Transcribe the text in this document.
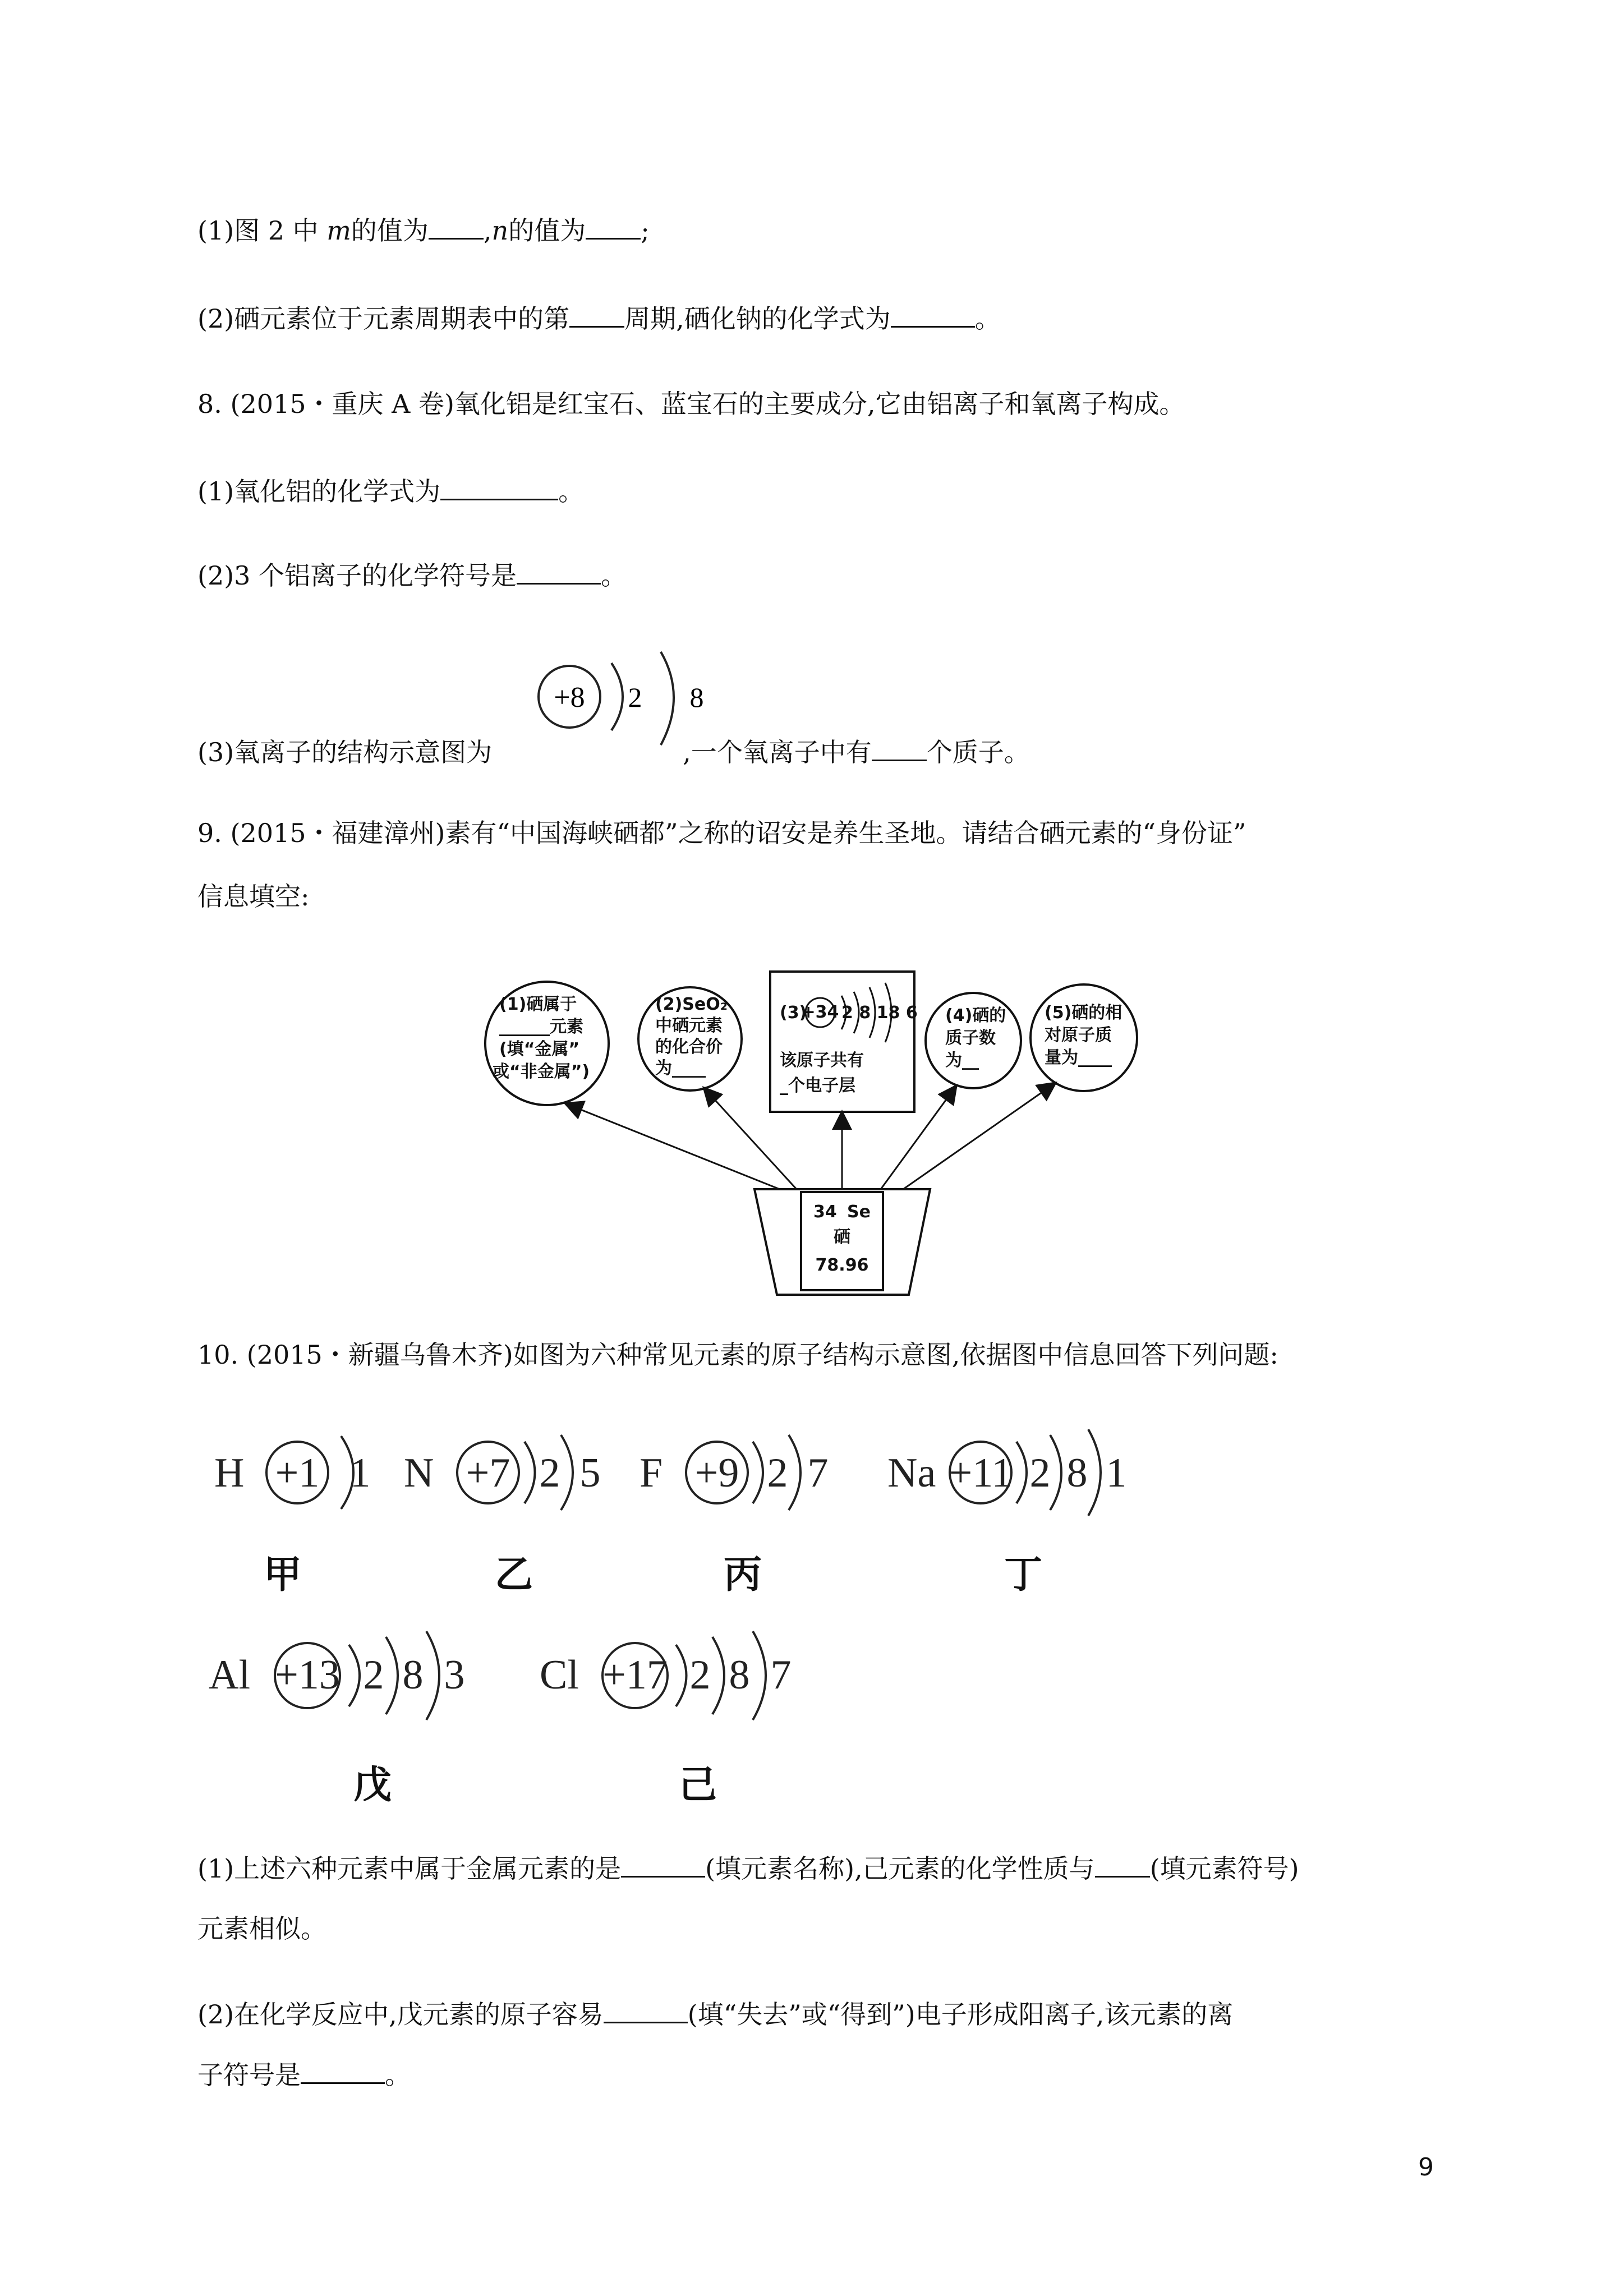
(1)图 2 中 m的值为 ,n的值为 ;
(2)硒元素位于元素周期表中的第 周期,硒化钠的化学式为	。
8. (2015・重庆 A 卷)氧化铝是红宝石、蓝宝石的主要成分,它由铝离子和氧离子构成。
(1)氧化铝的化学式为	。
(2)3 个铝离子的化学符号是	。
(3)氧离子的结构示意图为	,一个氧离子中有 个质子。
+8 2 8
9. (2015・福建漳州)素有“中国海峡硒都”之称的诏安是养生圣地。请结合硒元素的“身份证”
信息填空:
(1)硒属于
______元素
(填“金属”
或“非金属”)
(2)SeO₂
中硒元素
的化合价
为____
(3)
+34 2 8 18 6
该原子共有
_个电子层
(4)硒的
质子数
为__
(5)硒的相
对原子质
量为____
34 Se
硒
78.96
10. (2015・新疆乌鲁木齐)如图为六种常见元素的原子结构示意图,依据图中信息回答下列问题:
H +1 1 N +7 2 5 F +9 2 7 Na +11 2 8 1
甲	乙	丙	丁
戊	己
Al +13 2 8 3 Cl +17 2 8 7
(1)上述六种元素中属于金属元素的是	(填元素名称),己元素的化学性质与 (填元素符号)
元素相似。
(2)在化学反应中,戊元素的原子容易	(填“失去”或“得到”)电子形成阳离子,该元素的离
子符号是	。
9
